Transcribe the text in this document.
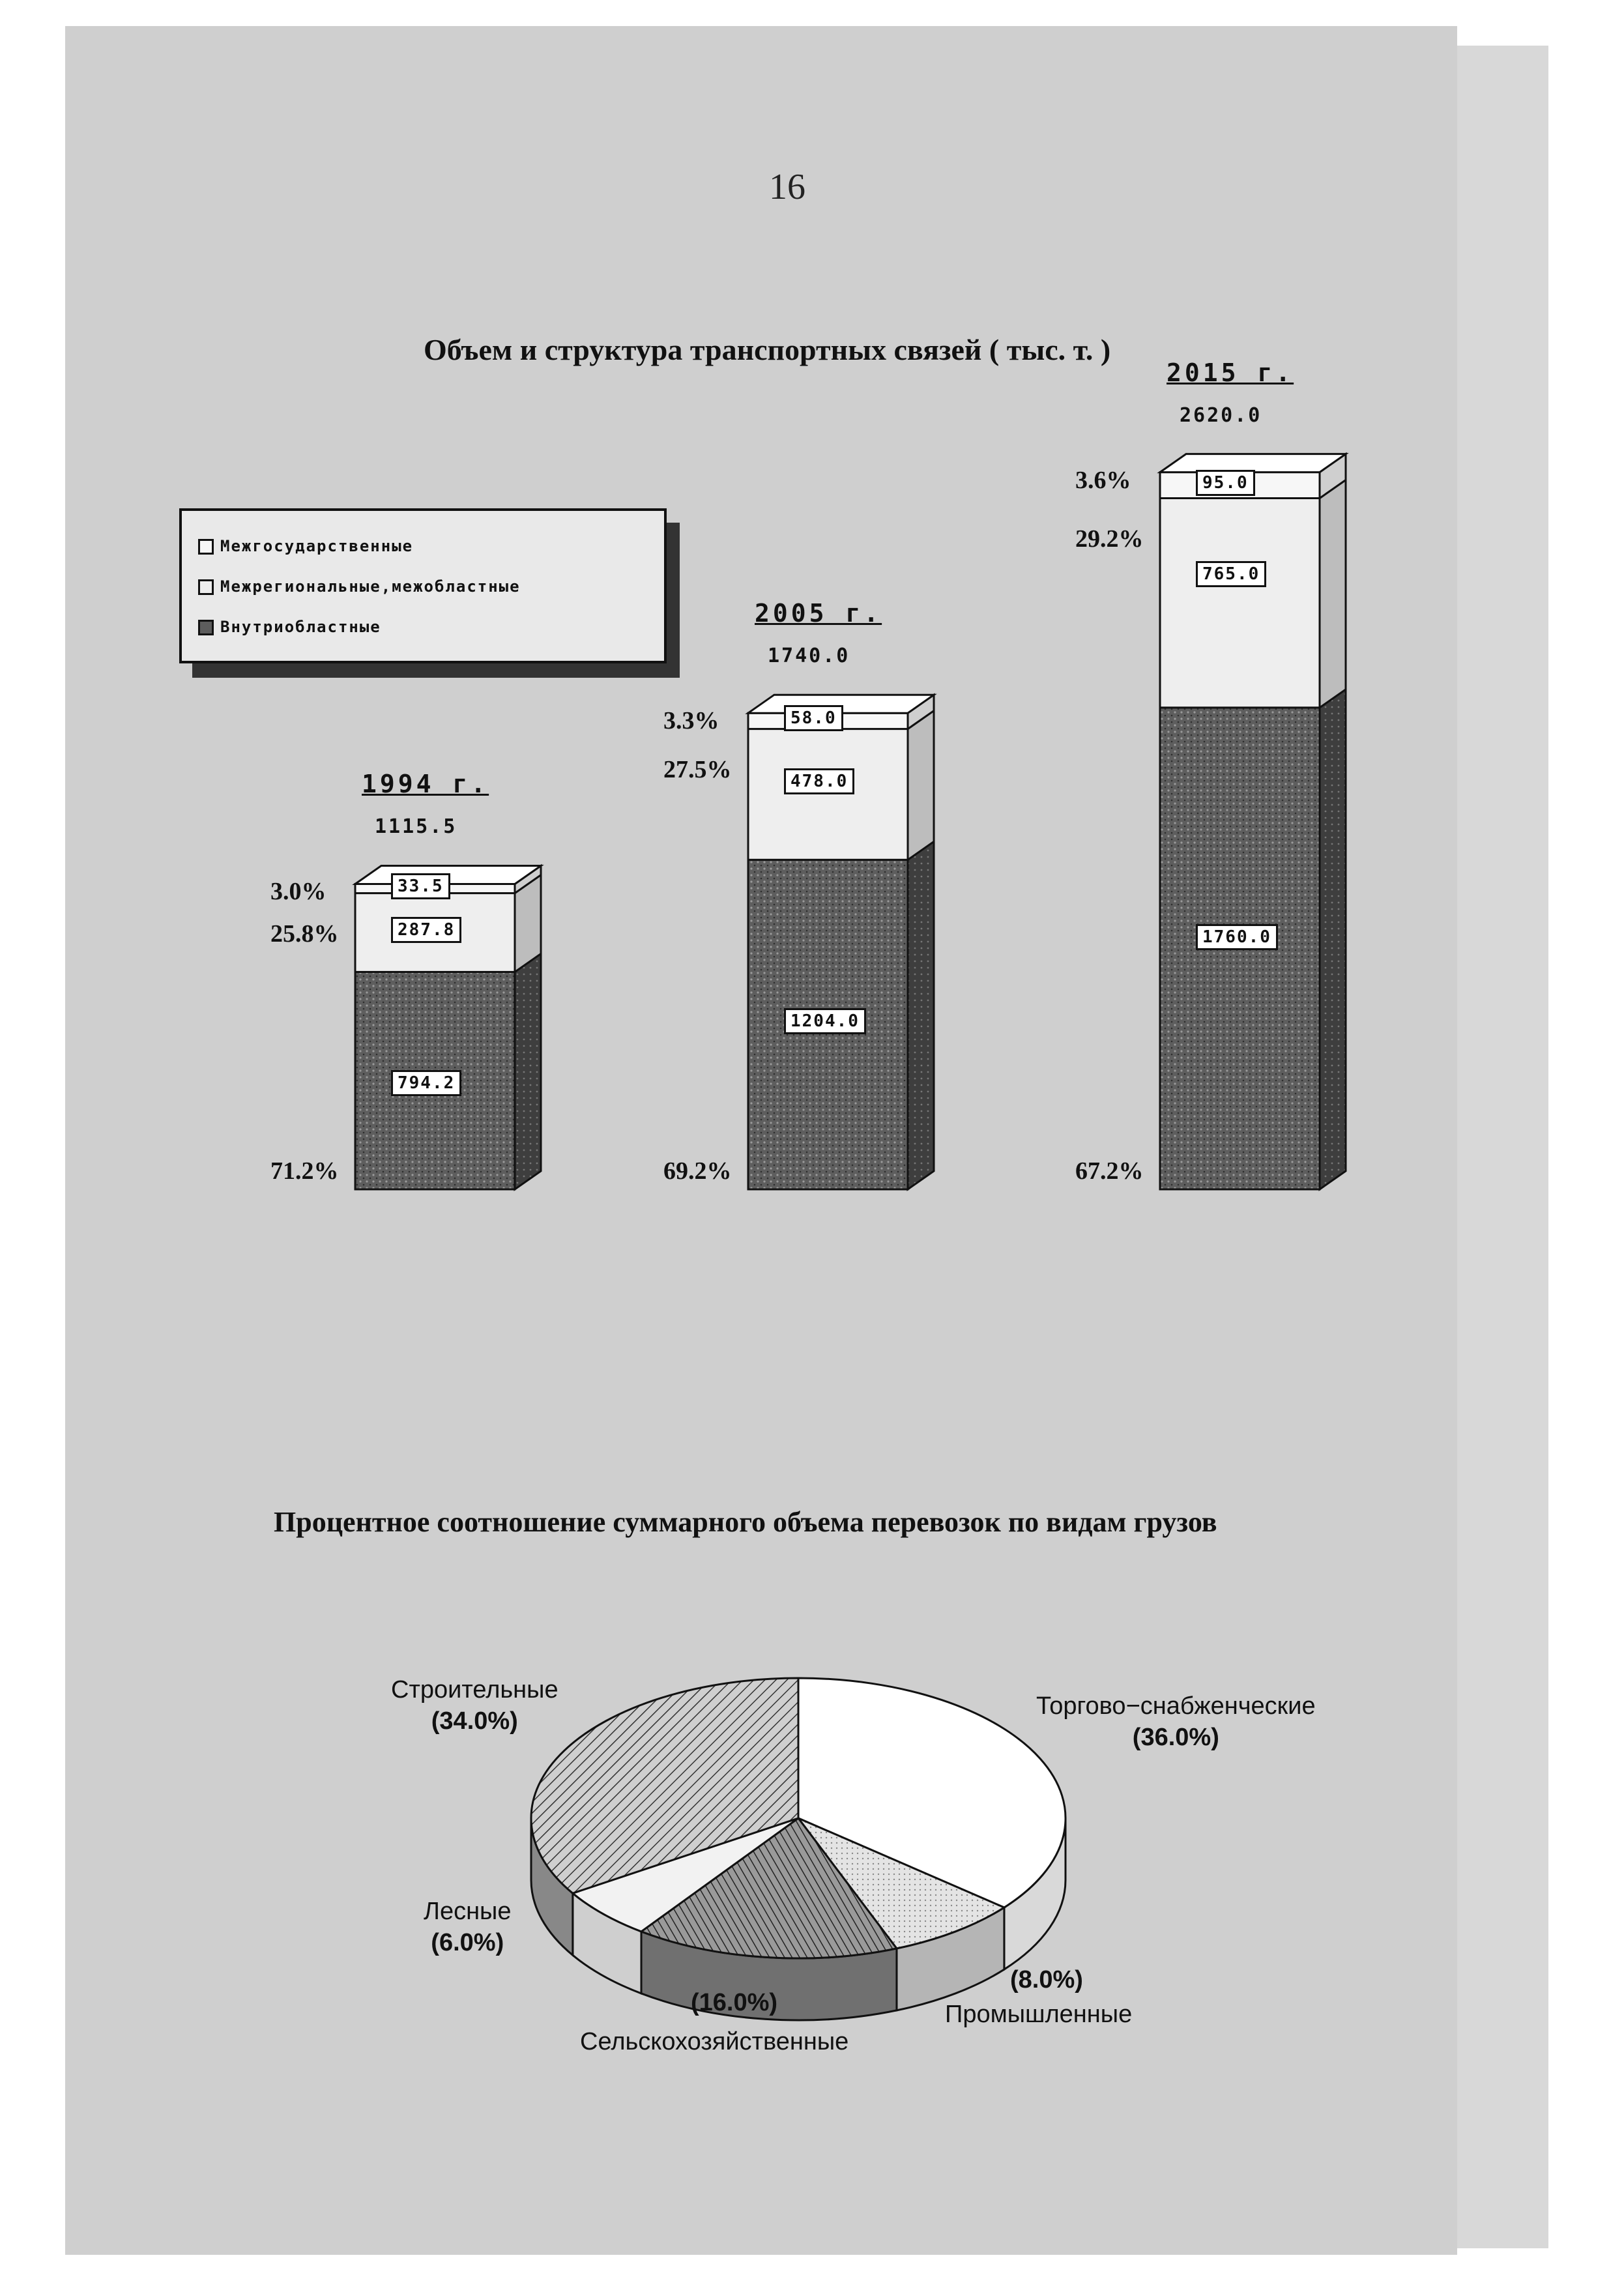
16
Объем и структура транспортных связей ( тыс. т. )
Межгосударственные
Межрегиональные,межобластные
Внутриобластные
794.2
287.8
33.5
71.2%
25.8%
3.0%
1115.5
1994 г.
1204.0
478.0
58.0
69.2%
27.5%
3.3%
1740.0
2005 г.
1760.0
765.0
95.0
67.2%
29.2%
3.6%
2620.0
2015 г.
Процентное соотношение суммарного объема перевозок по видам грузов
Торгово−снабженческие
(36.0%)
Строительные
(34.0%)
Лесные
(6.0%)
(16.0%)
Сельскохозяйственные
(8.0%)
Промышленные
